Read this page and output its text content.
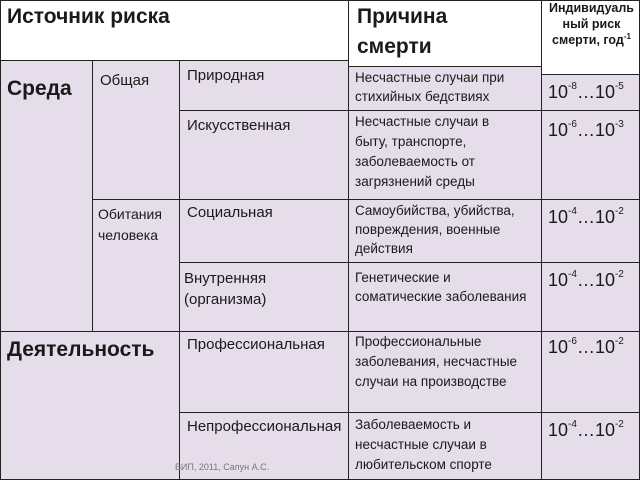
Источник риска	Причина
смерти
Индивидуаль
ный риск
смерти, год$^{-1}$
Среда
Деятельность
Общая
Обитания
человека
Природная
Искусственная
Социальная
Внутренняя
(организма)
Профессиональная
Непрофессиональная
Несчастные случаи при
стихийных бедствиях
Несчастные случаи в
быту, транспорте,
заболеваемость от
загрязнений среды
Самоубийства, убийства,
повреждения, военные
действия
Генетические и
соматические заболевания
Профессиональные
заболевания, несчастные
случаи на производстве
Заболеваемость и
несчастные случаи в
любительском спорте
$10^{-8}\dots 10^{-5}$
$10^{-6}\dots 10^{-3}$
$10^{-4}\dots 10^{-2}$
$10^{-4}\dots 10^{-2}$
$10^{-6}\dots 10^{-2}$
$10^{-4}\dots 10^{-2}$
БИП, 2011, Сапун А.С.
